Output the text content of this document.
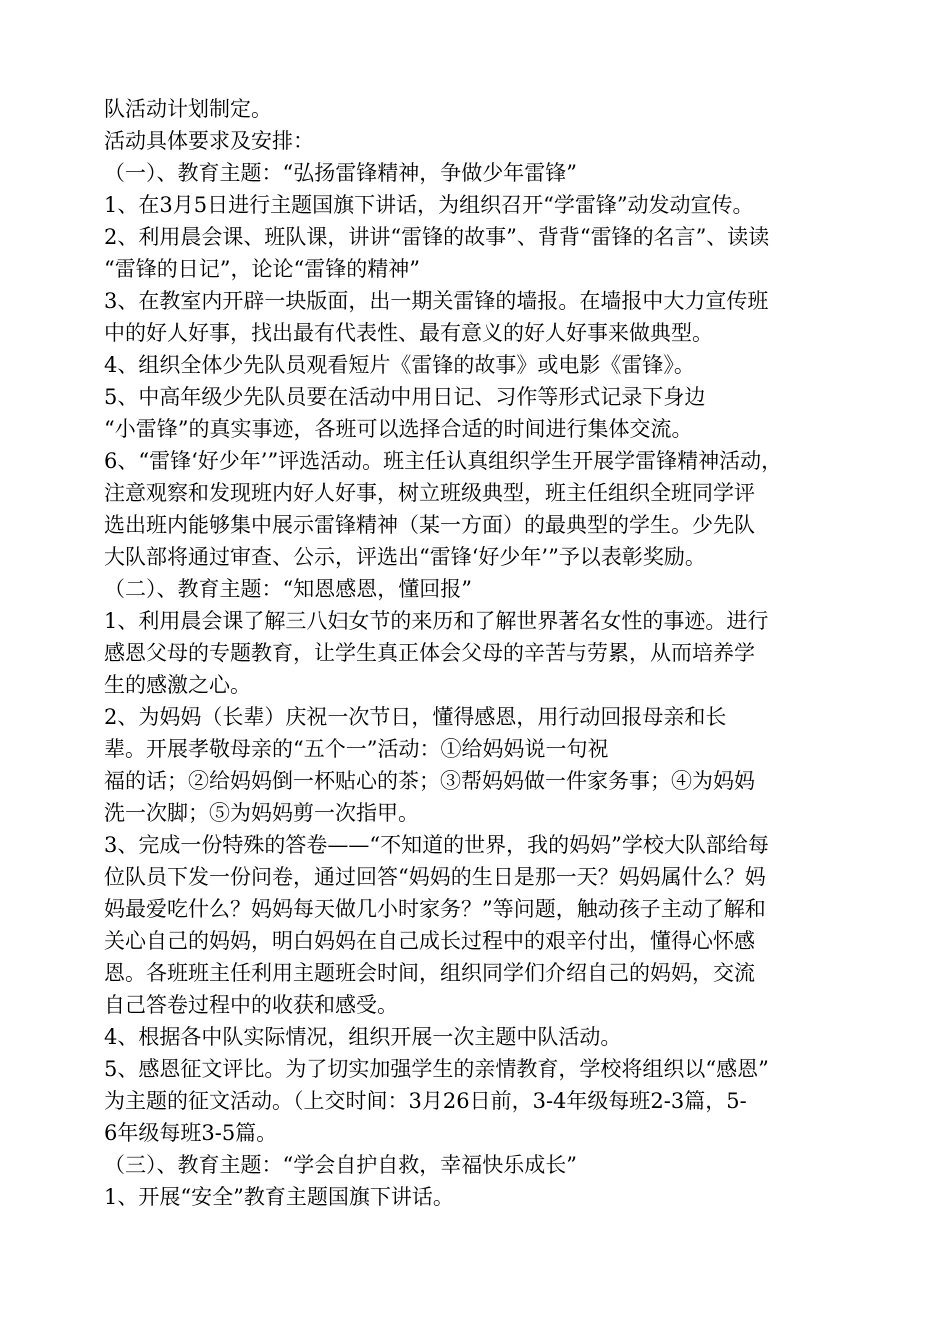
队活动计划制定。
活动具体要求及安排：
（一）、教育主题：“弘扬雷锋精神，争做少年雷锋”
1、在3月5日进行主题国旗下讲话，为组织召开“学雷锋”动发动宣传。
2、利用晨会课、班队课，讲讲“雷锋的故事”、背背“雷锋的名言”、读读
“雷锋的日记”，论论“雷锋的精神”
3、在教室内开辟一块版面，出一期关雷锋的墙报。在墙报中大力宣传班
中的好人好事，找出最有代表性、最有意义的好人好事来做典型。
4、组织全体少先队员观看短片《雷锋的故事》或电影《雷锋》。
5、中高年级少先队员要在活动中用日记、习作等形式记录下身边
“小雷锋”的真实事迹，各班可以选择合适的时间进行集体交流。
6、“雷锋‘好少年’”评选活动。班主任认真组织学生开展学雷锋精神活动，
注意观察和发现班内好人好事，树立班级典型，班主任组织全班同学评
选出班内能够集中展示雷锋精神（某一方面）的最典型的学生。少先队
大队部将通过审查、公示，评选出“雷锋‘好少年’”予以表彰奖励。
（二）、教育主题：“知恩感恩，懂回报”
1、利用晨会课了解三八妇女节的来历和了解世界著名女性的事迹。进行
感恩父母的专题教育，让学生真正体会父母的辛苦与劳累，从而培养学
生的感激之心。
2、为妈妈（长辈）庆祝一次节日，懂得感恩，用行动回报母亲和长
辈。开展孝敬母亲的“五个一”活动：①给妈妈说一句祝
福的话；②给妈妈倒一杯贴心的茶；③帮妈妈做一件家务事；④为妈妈
洗一次脚；⑤为妈妈剪一次指甲。
3、完成一份特殊的答卷——“不知道的世界，我的妈妈”学校大队部给每
位队员下发一份问卷，通过回答“妈妈的生日是那一天？妈妈属什么？妈
妈最爱吃什么？妈妈每天做几小时家务？”等问题，触动孩子主动了解和
关心自己的妈妈，明白妈妈在自己成长过程中的艰辛付出，懂得心怀感
恩。各班班主任利用主题班会时间，组织同学们介绍自己的妈妈，交流
自己答卷过程中的收获和感受。
4、根据各中队实际情况，组织开展一次主题中队活动。
5、感恩征文评比。为了切实加强学生的亲情教育，学校将组织以“感恩”
为主题的征文活动。（上交时间：3月26日前，3-4年级每班2-3篇，5-
6年级每班3-5篇。
（三）、教育主题：“学会自护自救，幸福快乐成长”
1、开展“安全”教育主题国旗下讲话。
